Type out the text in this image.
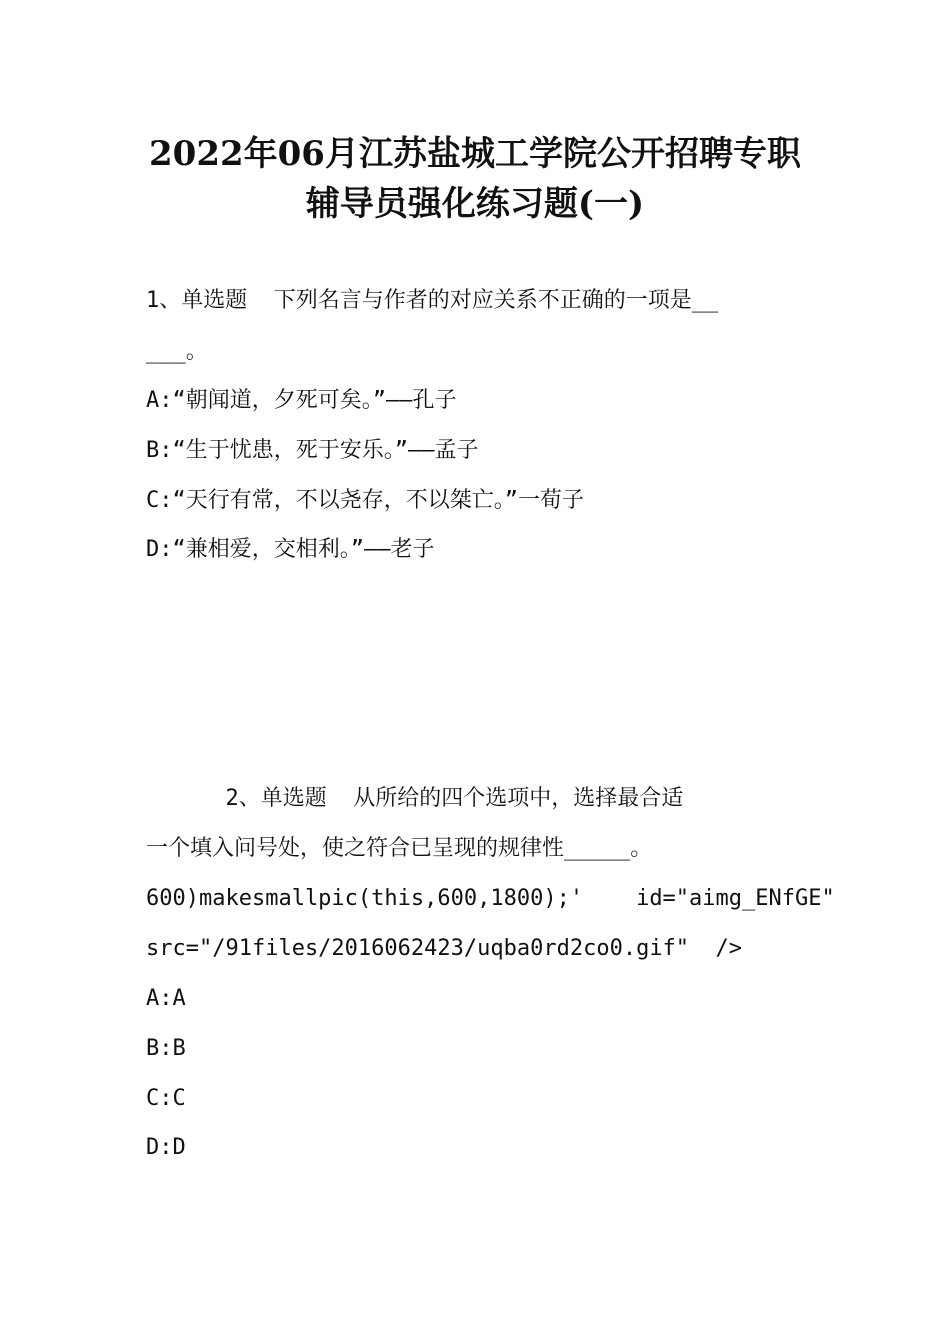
2022年06月江苏盐城工学院公开招聘专职
辅导员强化练习题(一)

1、单选题  下列名言与作者的对应关系不正确的一项是__

___。

A:“朝闻道，夕死可矣。”——孔子

B:“生于忧患，死于安乐。”——孟子

C:“天行有常，不以尧存，不以桀亡。”一荀子

D:“兼相爱，交相利。”——老子

2、单选题  从所给的四个选项中，选择最合适

一个填入问号处，使之符合已呈现的规律性_____。

600)makesmallpic(this,600,1800);'    id="aimg_ENfGE"

src="/91files/2016062423/uqba0rd2co0.gif"  />

A:A

B:B

C:C

D:D
